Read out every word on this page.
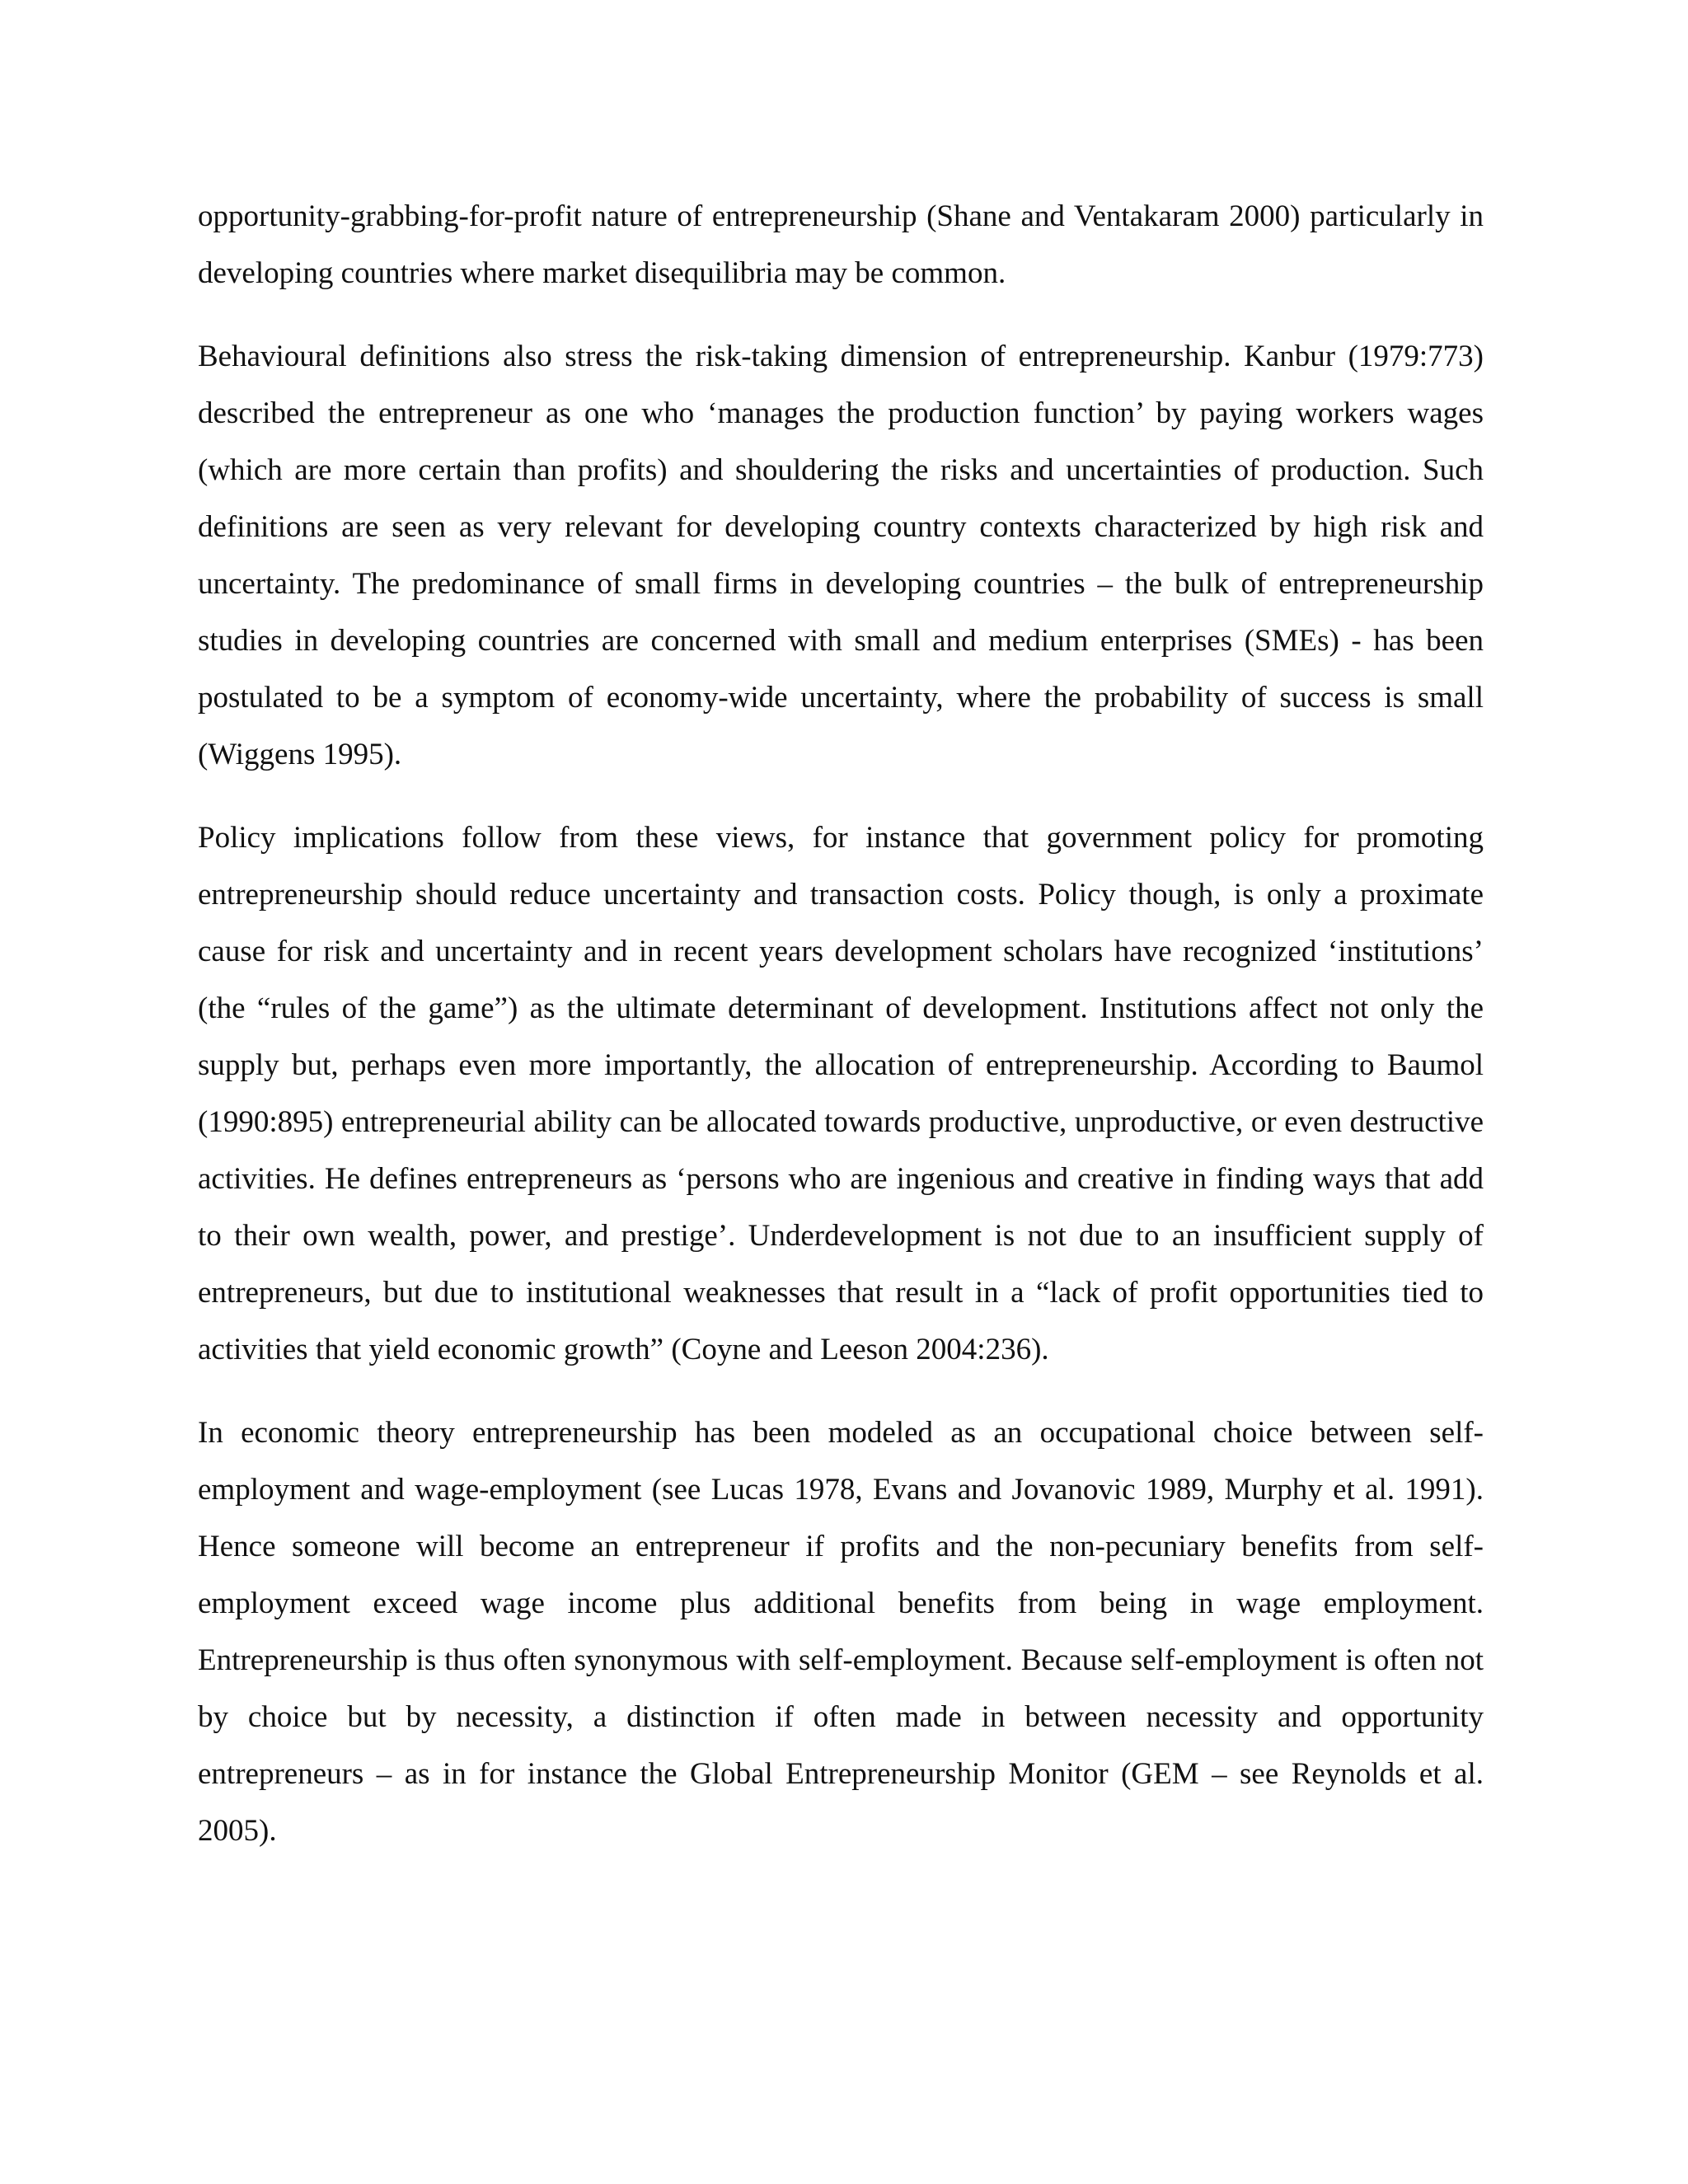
opportunity-grabbing-for-profit nature of entrepreneurship (Shane and Ventakaram 2000) particularly in developing countries where market disequilibria may be common.

Behavioural definitions also stress the risk-taking dimension of entrepreneurship. Kanbur (1979:773) described the entrepreneur as one who ‘manages the production function’ by paying workers wages (which are more certain than profits) and shouldering the risks and uncertainties of production. Such definitions are seen as very relevant for developing country contexts characterized by high risk and uncertainty. The predominance of small firms in developing countries – the bulk of entrepreneurship studies in developing countries are concerned with small and medium enterprises (SMEs) - has been postulated to be a symptom of economy-wide uncertainty, where the probability of success is small (Wiggens 1995).

Policy implications follow from these views, for instance that government policy for promoting entrepreneurship should reduce uncertainty and transaction costs. Policy though, is only a proximate cause for risk and uncertainty and in recent years development scholars have recognized ‘institutions’ (the “rules of the game”) as the ultimate determinant of development. Institutions affect not only the supply but, perhaps even more importantly, the allocation of entrepreneurship. According to Baumol (1990:895) entrepreneurial ability can be allocated towards productive, unproductive, or even destructive activities. He defines entrepreneurs as ‘persons who are ingenious and creative in finding ways that add to their own wealth, power, and prestige’. Underdevelopment is not due to an insufficient supply of entrepreneurs, but due to institutional weaknesses that result in a “lack of profit opportunities tied to activities that yield economic growth” (Coyne and Leeson 2004:236).

In economic theory entrepreneurship has been modeled as an occupational choice between self-employment and wage-employment (see Lucas 1978, Evans and Jovanovic 1989, Murphy et al. 1991). Hence someone will become an entrepreneur if profits and the non-pecuniary benefits from self-employment exceed wage income plus additional benefits from being in wage employment. Entrepreneurship is thus often synonymous with self-employment. Because self-employment is often not by choice but by necessity, a distinction if often made in between necessity and opportunity entrepreneurs – as in for instance the Global Entrepreneurship Monitor (GEM – see Reynolds et al. 2005).
